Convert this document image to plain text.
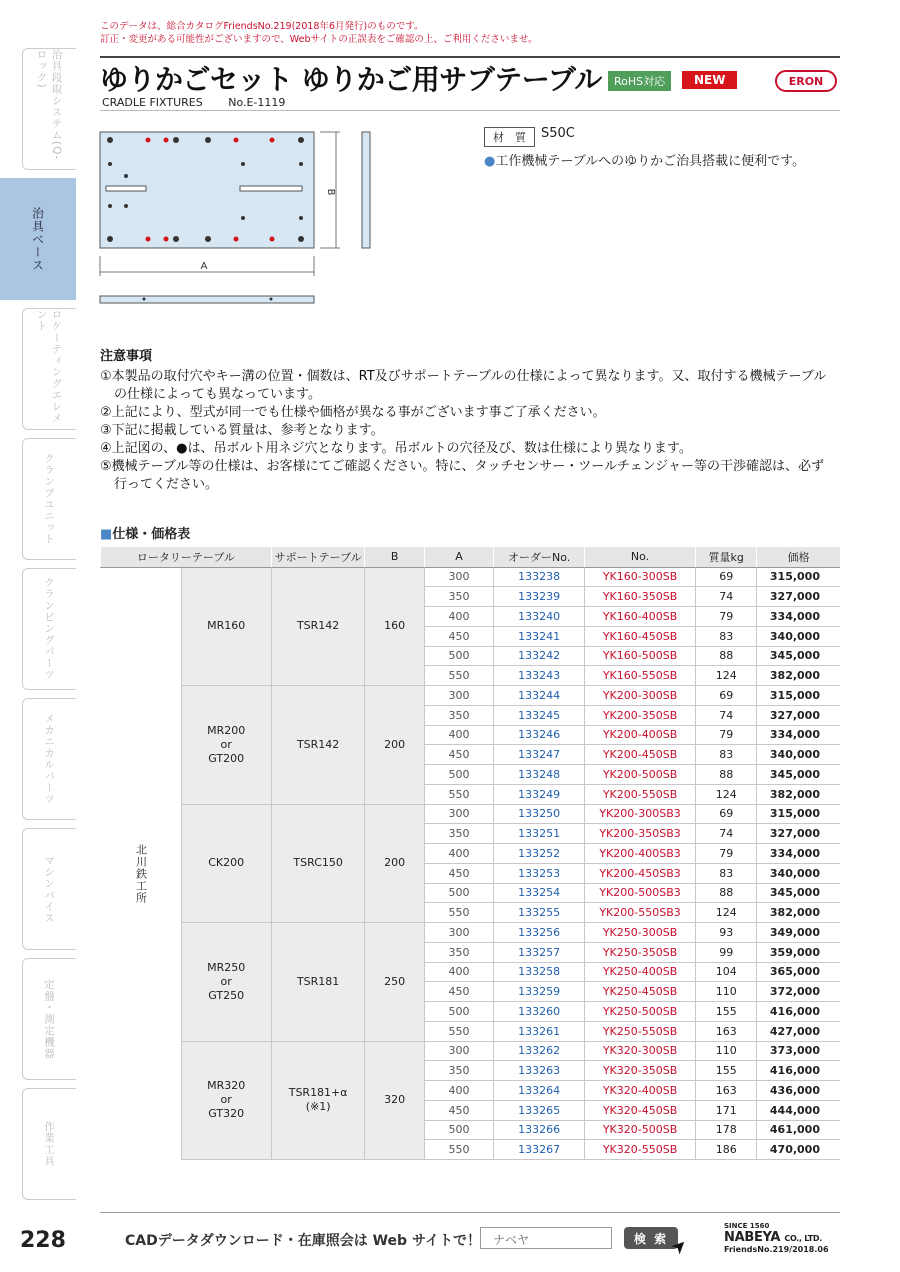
このデータは、総合カタログFriendsNo.219(2018年6月発行)のものです。
訂正・変更がある可能性がございますので、Webサイトの正誤表をご確認の上、ご利用くださいませ。
治具段取システム(Q-ロック)
治具ベース
ロケーティングエレメント
クランプユニット
クランピングパーツ
メカニカルパーツ
マシンバイス
定盤・測定機器
作業工具
ゆりかごセット ゆりかご用サブテーブル	RoHS対応	NEW	ERON
CRADLE FIXTURES No.E-1119
A
B
材　質	S50C
●工作機械テーブルへのゆりかご治具搭載に便利です。
注意事項
①本製品の取付穴やキー溝の位置・個数は、RT及びサポートテーブルの仕様によって異なります。又、取付する機械テーブル
の仕様によっても異なっています。
②上記により、型式が同一でも仕様や価格が異なる事がございます事ご了承ください。
③下記に掲載している質量は、参考となります。
④上記図の、●は、吊ボルト用ネジ穴となります。吊ボルトの穴径及び、数は仕様により異なります。
⑤機械テーブル等の仕様は、お客様にてご確認ください。特に、タッチセンサー・ツールチェンジャー等の干渉確認は、必ず
行ってください。
■仕様・価格表
ロータリーテーブル		サポートテーブル	B	A	オーダーNo.	No.	質量kg	価格

北川鉄工所	MR160	TSR142	160	300	133238	YK160-300SB	69	315,000
				350	133239	YK160-350SB	74	327,000
				400	133240	YK160-400SB	79	334,000
				450	133241	YK160-450SB	83	340,000
				500	133242	YK160-500SB	88	345,000
				550	133243	YK160-550SB	124	382,000
	MR200
or
GT200	TSR142	200	300	133244	YK200-300SB	69	315,000
				350	133245	YK200-350SB	74	327,000
				400	133246	YK200-400SB	79	334,000
				450	133247	YK200-450SB	83	340,000
				500	133248	YK200-500SB	88	345,000
				550	133249	YK200-550SB	124	382,000
	CK200	TSRC150	200	300	133250	YK200-300SB3	69	315,000
				350	133251	YK200-350SB3	74	327,000
				400	133252	YK200-400SB3	79	334,000
				450	133253	YK200-450SB3	83	340,000
				500	133254	YK200-500SB3	88	345,000
				550	133255	YK200-550SB3	124	382,000
	MR250
or
GT250	TSR181	250	300	133256	YK250-300SB	93	349,000
				350	133257	YK250-350SB	99	359,000
				400	133258	YK250-400SB	104	365,000
				450	133259	YK250-450SB	110	372,000
				500	133260	YK250-500SB	155	416,000
				550	133261	YK250-550SB	163	427,000
	MR320
or
GT320	TSR181+α
(※1)	320	300	133262	YK320-300SB	110	373,000
				350	133263	YK320-350SB	155	416,000
				400	133264	YK320-400SB	163	436,000
				450	133265	YK320-450SB	171	444,000
				500	133266	YK320-500SB	178	461,000
				550	133267	YK320-550SB	186	470,000
228	CADデータダウンロード・在庫照会は Web サイトで！	ナベヤ	検 索
➤
SINCE 1560
NABEYA CO., LTD.
FriendsNo.219/2018.06
